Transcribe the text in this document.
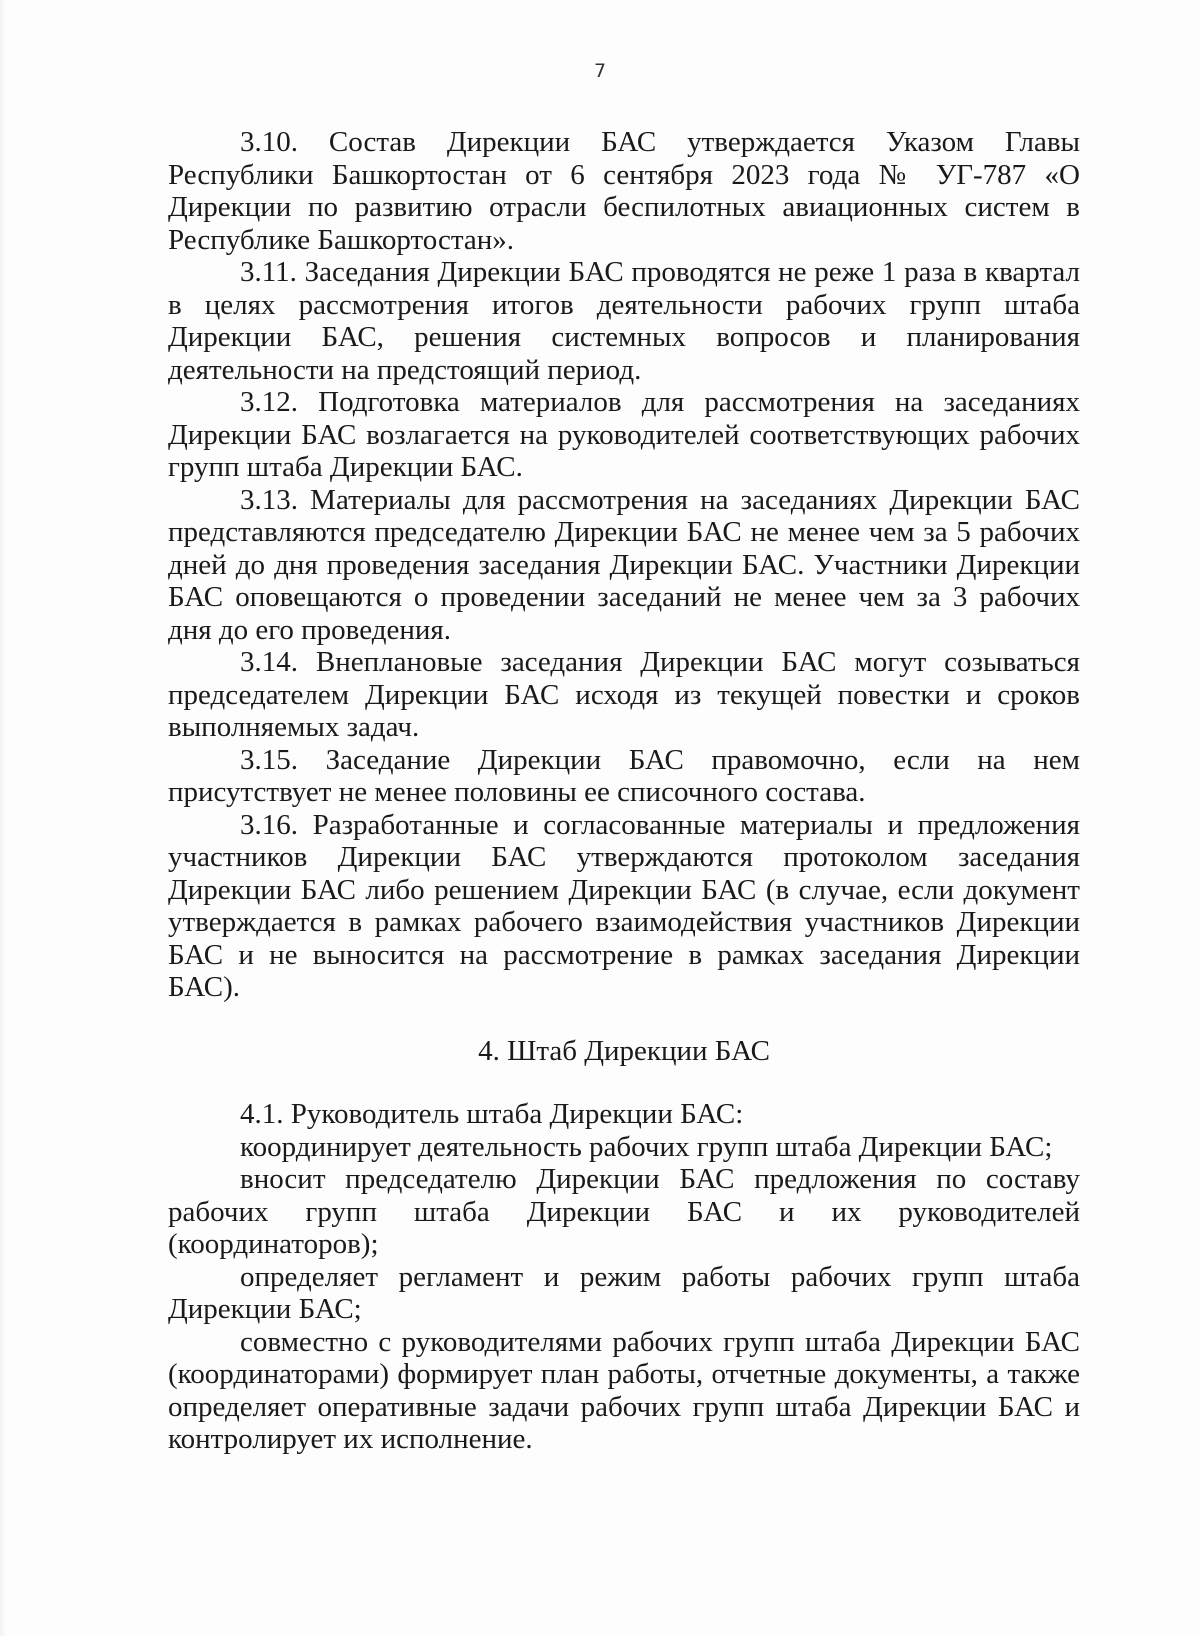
7

3.10. Состав Дирекции БАС утверждается Указом Главы Республики Башкортостан от 6 сентября 2023 года № УГ-787 «О Дирекции по развитию отрасли беспилотных авиационных систем в Республике Башкортостан».

3.11. Заседания Дирекции БАС проводятся не реже 1 раза в квартал в целях рассмотрения итогов деятельности рабочих групп штаба Дирекции БАС, решения системных вопросов и планирования деятельности на предстоящий период.

3.12. Подготовка материалов для рассмотрения на заседаниях Дирекции БАС возлагается на руководителей соответствующих рабочих групп штаба Дирекции БАС.

3.13. Материалы для рассмотрения на заседаниях Дирекции БАС представляются председателю Дирекции БАС не менее чем за 5 рабочих дней до дня проведения заседания Дирекции БАС. Участники Дирекции БАС оповещаются о проведении заседаний не менее чем за 3 рабочих дня до его проведения.

3.14. Внеплановые заседания Дирекции БАС могут созываться председателем Дирекции БАС исходя из текущей повестки и сроков выполняемых задач.

3.15. Заседание Дирекции БАС правомочно, если на нем присутствует не менее половины ее списочного состава.

3.16. Разработанные и согласованные материалы и предложения участников Дирекции БАС утверждаются протоколом заседания Дирекции БАС либо решением Дирекции БАС (в случае, если документ утверждается в рамках рабочего взаимодействия участников Дирекции БАС и не выносится на рассмотрение в рамках заседания Дирекции БАС).

4. Штаб Дирекции БАС

4.1. Руководитель штаба Дирекции БАС:

координирует деятельность рабочих групп штаба Дирекции БАС;

вносит председателю Дирекции БАС предложения по составу рабочих групп штаба Дирекции БАС и их руководителей (координаторов);

определяет регламент и режим работы рабочих групп штаба Дирекции БАС;

совместно с руководителями рабочих групп штаба Дирекции БАС (координаторами) формирует план работы, отчетные документы, а также определяет оперативные задачи рабочих групп штаба Дирекции БАС и контролирует их исполнение.
